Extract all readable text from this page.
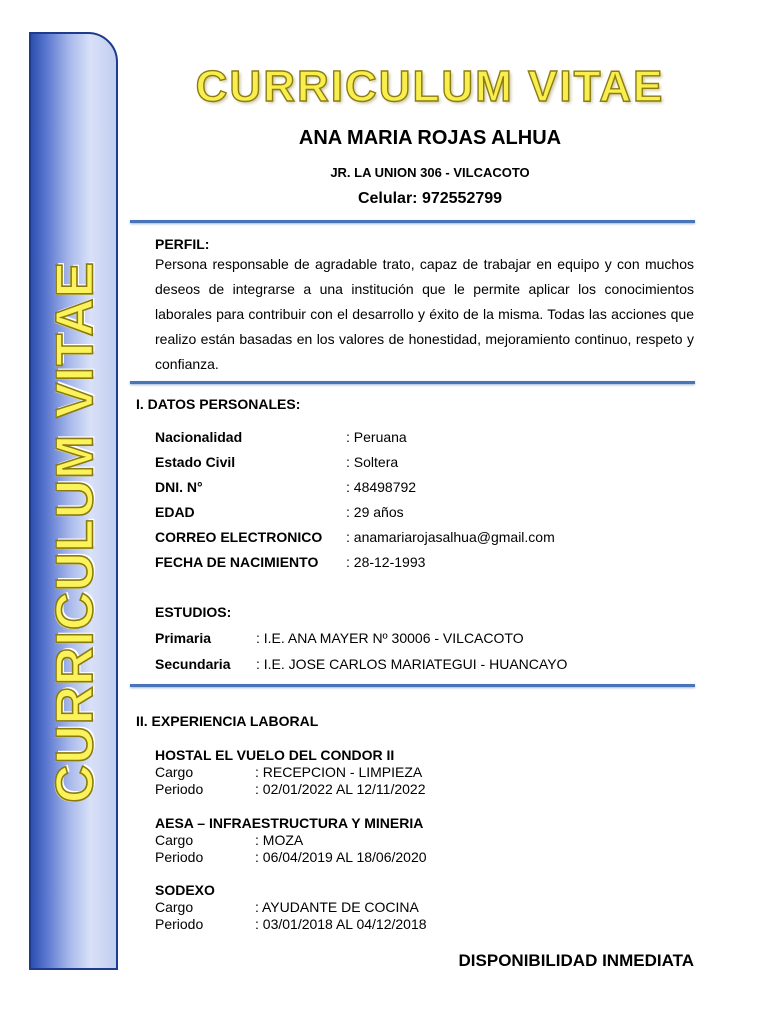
CURRICULUM VITAE
CURRICULUM VITAE
ANA MARIA ROJAS ALHUA
JR. LA UNION 306 - VILCACOTO
Celular: 972552799
PERFIL:
Persona responsable de agradable trato, capaz de trabajar en equipo y con muchos deseos de integrarse a una institución que le permite aplicar los conocimientos laborales para contribuir con el desarrollo y éxito de la misma. Todas las acciones que realizo están basadas en los valores de honestidad, mejoramiento continuo, respeto y confianza.
I. DATOS PERSONALES:
Nacionalidad	: Peruana
Estado Civil	: Soltera
DNI. N°	: 48498792
EDAD	: 29 años
CORREO ELECTRONICO : anamariarojasalhua@gmail.com
FECHA DE NACIMIENTO : 28-12-1993
ESTUDIOS:
Primaria	: I.E. ANA MAYER Nº 30006 - VILCACOTO
Secundaria : I.E. JOSE CARLOS MARIATEGUI - HUANCAYO
II. EXPERIENCIA LABORAL
HOSTAL EL VUELO DEL CONDOR II
Cargo	: RECEPCION - LIMPIEZA
Periodo	: 02/01/2022 AL 12/11/2022
AESA – INFRAESTRUCTURA Y MINERIA
Cargo	: MOZA
Periodo	: 06/04/2019 AL 18/06/2020
SODEXO
Cargo	: AYUDANTE DE COCINA
Periodo	: 03/01/2018 AL 04/12/2018
DISPONIBILIDAD INMEDIATA
